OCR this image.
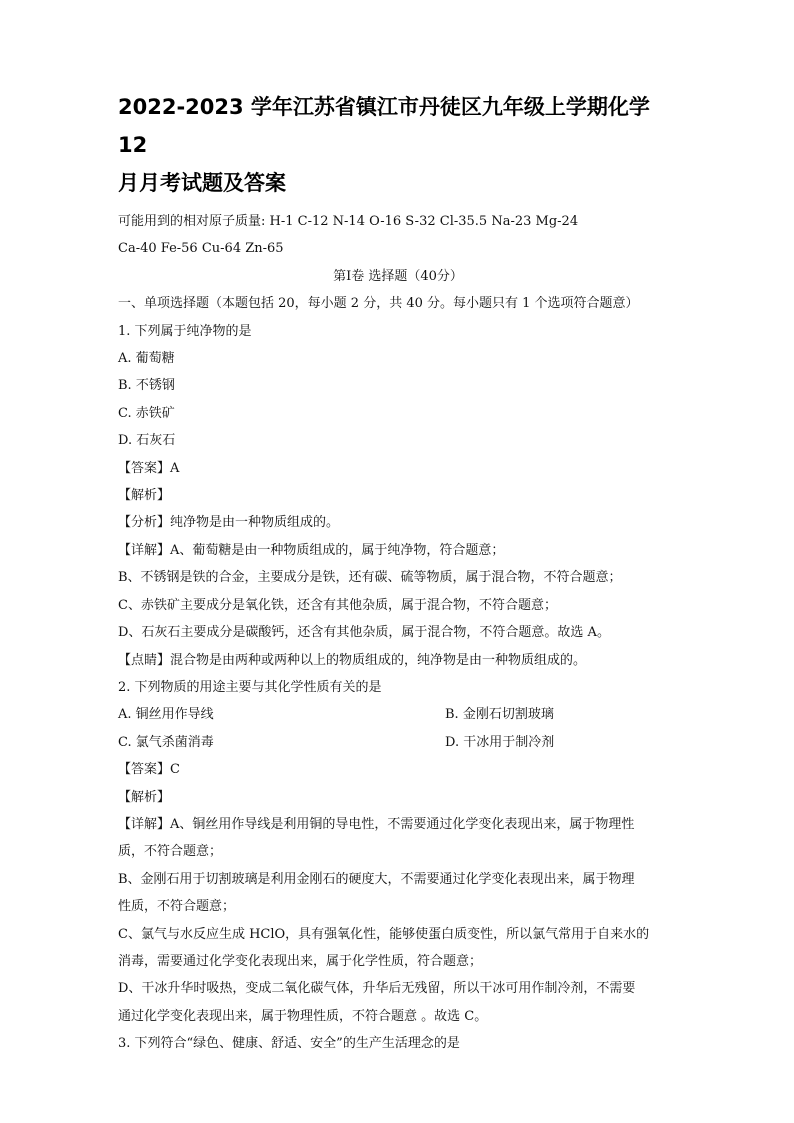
2022-2023 学年江苏省镇江市丹徒区九年级上学期化学 12
月月考试题及答案
可能用到的相对原子质量: H-1 C-12 N-14 O-16 S-32 Cl-35.5 Na-23 Mg-24
Ca-40 Fe-56 Cu-64 Zn-65
第Ⅰ卷 选择题（40分）
一、单项选择题（本题包括 20，每小题 2 分，共 40 分。每小题只有 1 个选项符合题意）
1. 下列属于纯净物的是
A. 葡萄糖
B. 不锈钢
C. 赤铁矿
D. 石灰石
【答案】A
【解析】
【分析】纯净物是由一种物质组成的。
【详解】A、葡萄糖是由一种物质组成的，属于纯净物，符合题意；
B、不锈钢是铁的合金，主要成分是铁，还有碳、硫等物质，属于混合物，不符合题意；
C、赤铁矿主要成分是氧化铁，还含有其他杂质，属于混合物，不符合题意；
D、石灰石主要成分是碳酸钙，还含有其他杂质，属于混合物，不符合题意。故选 A。
【点睛】混合物是由两种或两种以上的物质组成的，纯净物是由一种物质组成的。
2. 下列物质的用途主要与其化学性质有关的是
A. 铜丝用作导线	B. 金刚石切割玻璃
C. 氯气杀菌消毒	D. 干冰用于制冷剂
【答案】C
【解析】
【详解】A、铜丝用作导线是利用铜的导电性，不需要通过化学变化表现出来，属于物理性
质，不符合题意；
B、金刚石用于切割玻璃是利用金刚石的硬度大，不需要通过化学变化表现出来，属于物理
性质，不符合题意；
C、氯气与水反应生成 HClO，具有强氧化性，能够使蛋白质变性，所以氯气常用于自来水的
消毒，需要通过化学变化表现出来，属于化学性质，符合题意；
D、干冰升华时吸热，变成二氧化碳气体，升华后无残留，所以干冰可用作制冷剂，不需要
通过化学变化表现出来，属于物理性质，不符合题意 。故选 C。
3. 下列符合“绿色、健康、舒适、安全”的生产生活理念的是
